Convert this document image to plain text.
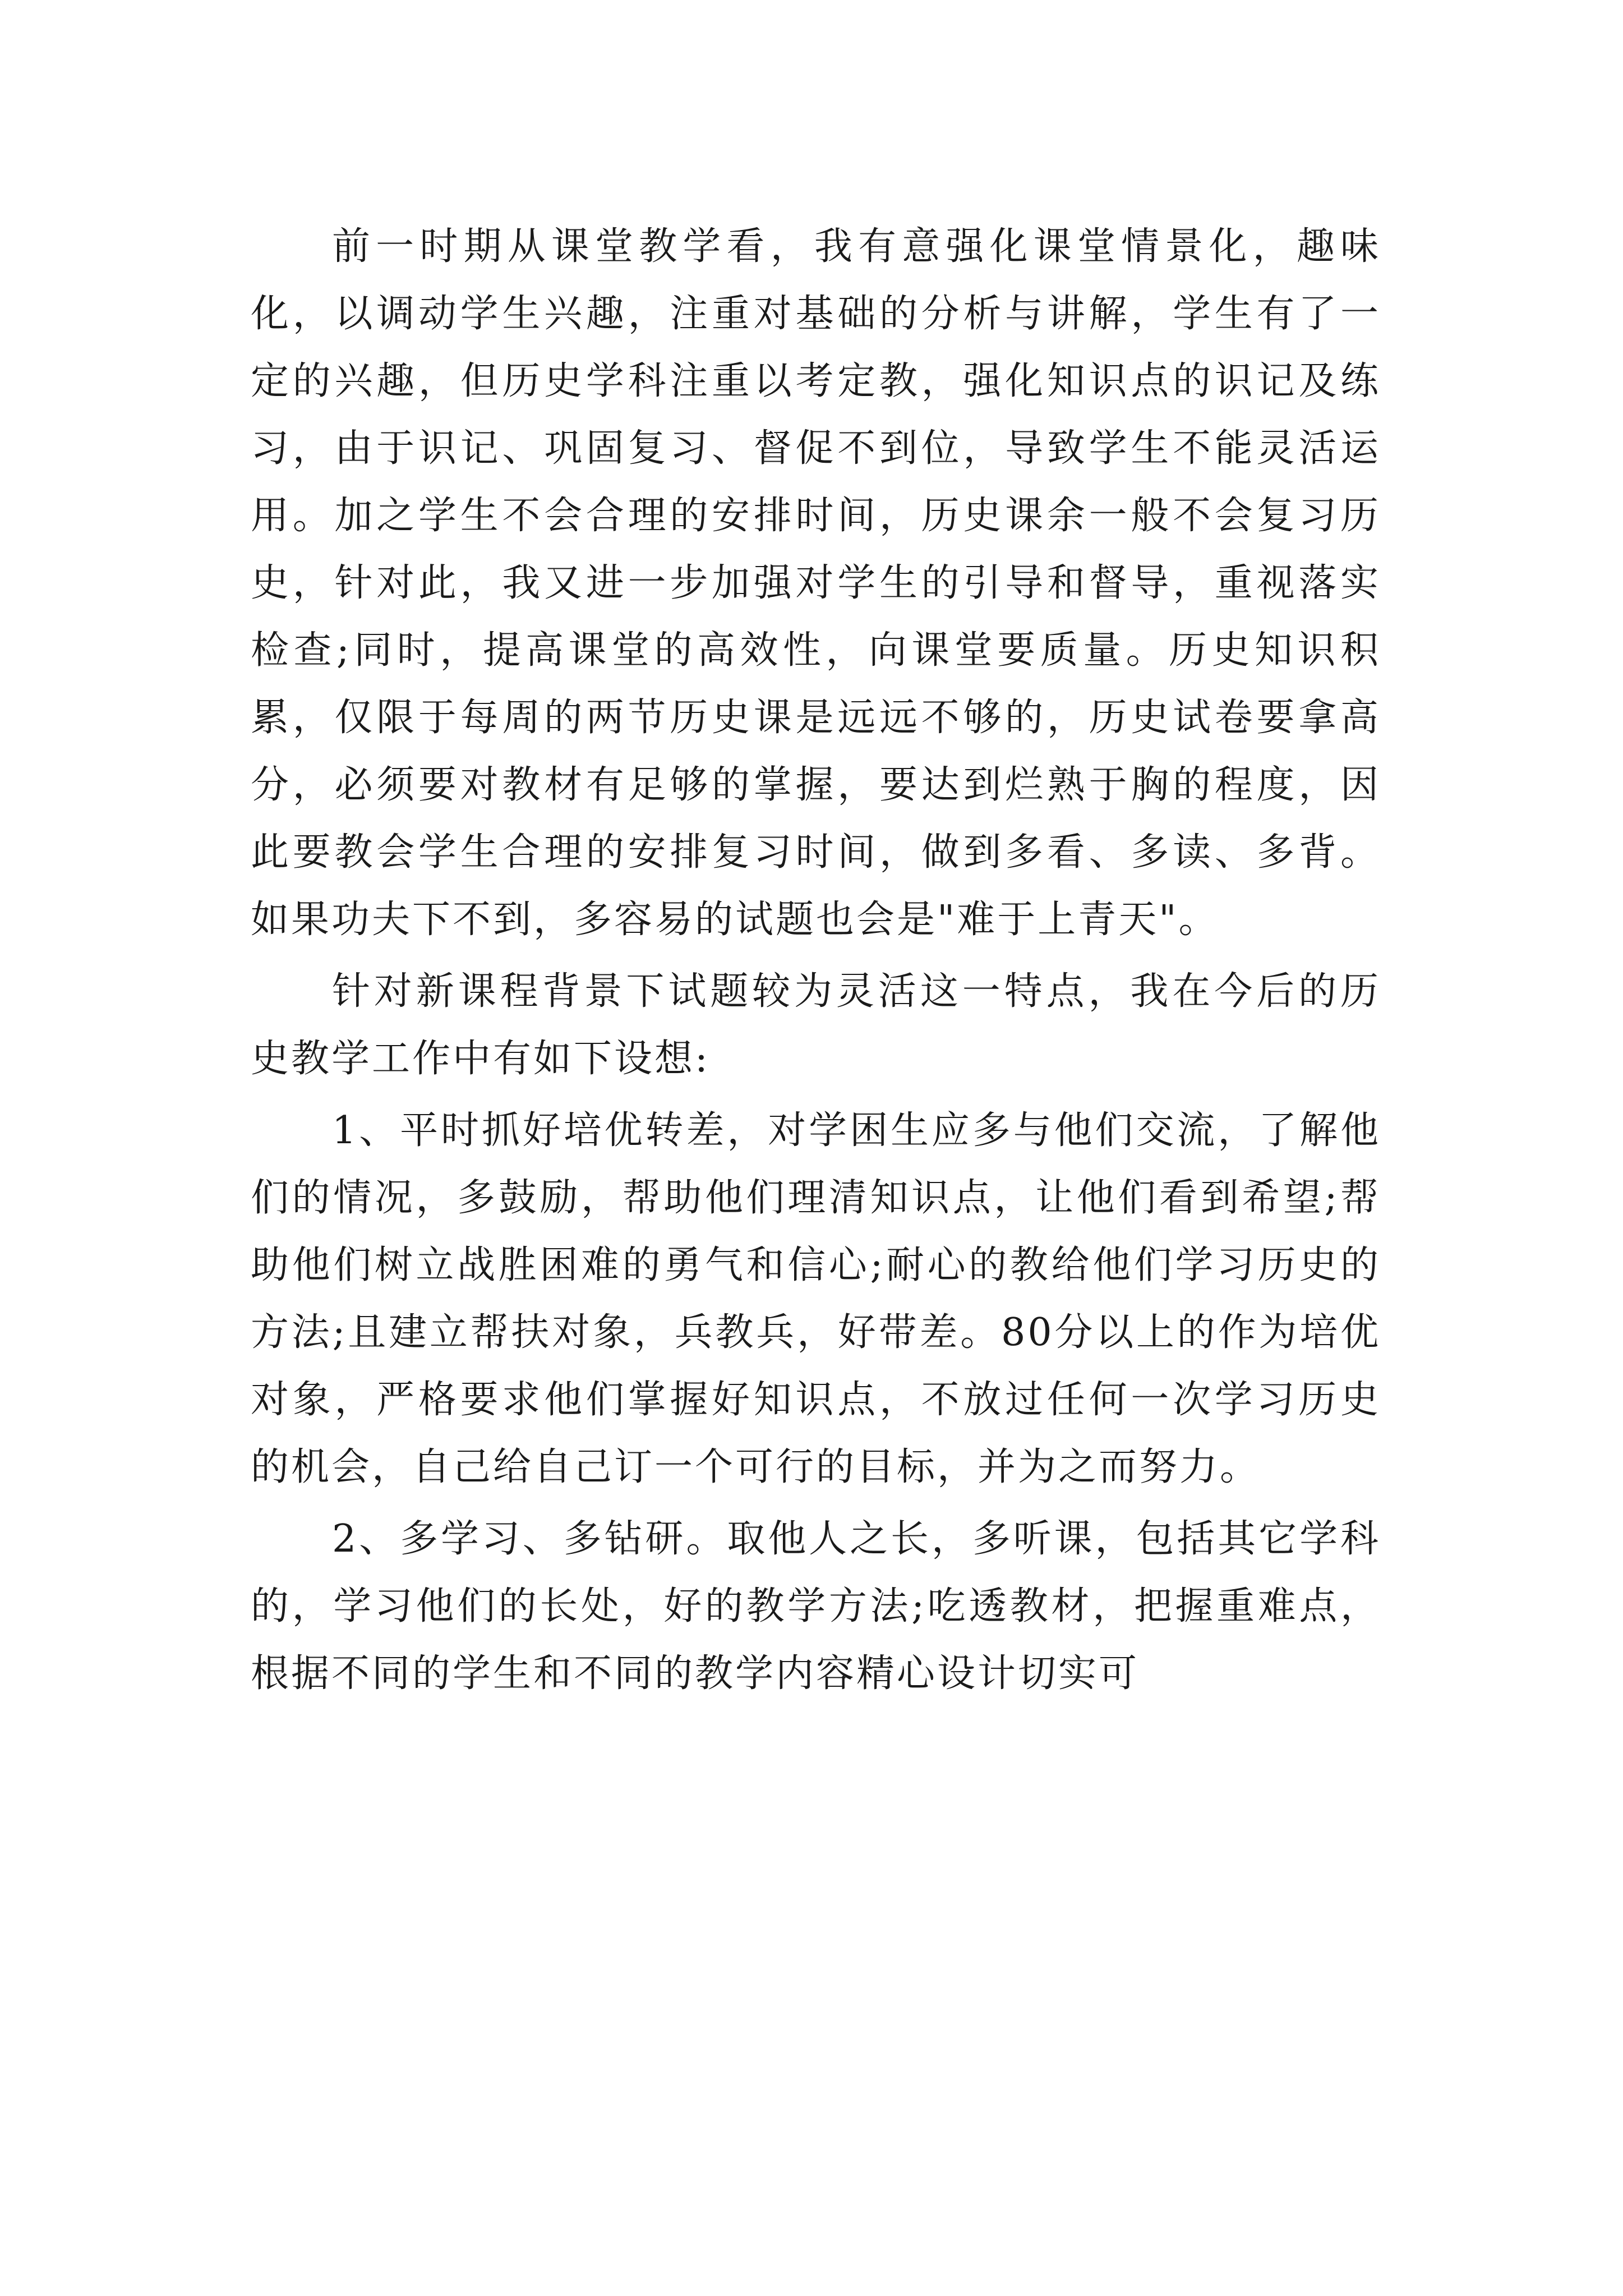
前一时期从课堂教学看，我有意强化课堂情景化，趣味化，以调动学生兴趣，注重对基础的分析与讲解，学生有了一定的兴趣，但历史学科注重以考定教，强化知识点的识记及练习，由于识记、巩固复习、督促不到位，导致学生不能灵活运用。加之学生不会合理的安排时间，历史课余一般不会复习历史，针对此，我又进一步加强对学生的引导和督导，重视落实检查;同时，提高课堂的高效性，向课堂要质量。历史知识积累，仅限于每周的两节历史课是远远不够的，历史试卷要拿高分，必须要对教材有足够的掌握，要达到烂熟于胸的程度，因此要教会学生合理的安排复习时间，做到多看、多读、多背。如果功夫下不到，多容易的试题也会是"难于上青天"。

针对新课程背景下试题较为灵活这一特点，我在今后的历史教学工作中有如下设想:

1、平时抓好培优转差，对学困生应多与他们交流，了解他们的情况，多鼓励，帮助他们理清知识点，让他们看到希望;帮助他们树立战胜困难的勇气和信心;耐心的教给他们学习历史的方法;且建立帮扶对象，兵教兵，好带差。80分以上的作为培优对象，严格要求他们掌握好知识点，不放过任何一次学习历史的机会，自己给自己订一个可行的目标，并为之而努力。

2、多学习、多钻研。取他人之长，多听课，包括其它学科的，学习他们的长处，好的教学方法;吃透教材，把握重难点，根据不同的学生和不同的教学内容精心设计切实可
